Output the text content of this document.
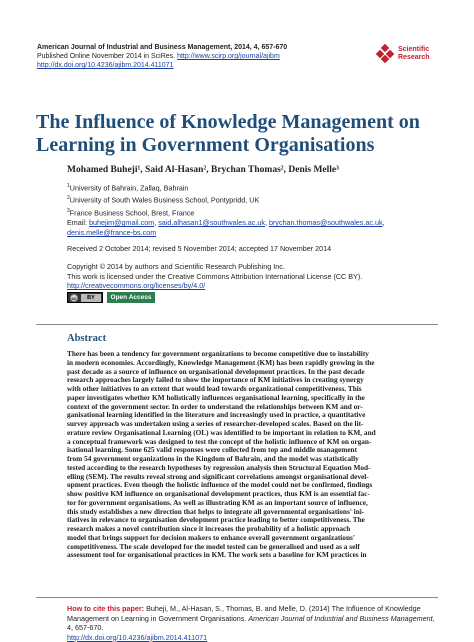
American Journal of Industrial and Business Management, 2014, 4, 657-670
Published Online November 2014 in SciRes. http://www.scirp.org/journal/ajibm
http://dx.doi.org/10.4236/ajibm.2014.411071
Scientific
Research
The Influence of Knowledge Management on Learning in Government Organisations
Mohamed Buheji¹, Said Al-Hasan², Brychan Thomas², Denis Melle³
$^1$University of Bahrain, Zallaq, Bahrain
$^2$University of South Wales Business School, Pontypridd, UK
$^3$France Business School, Brest, France
Email: buhejim@gmail.com, said.alhasan1@southwales.ac.uk, brychan.thomas@southwales.ac.uk,
denis.melle@france-bs.com
Received 2 October 2014; revised 5 November 2014; accepted 17 November 2014
Copyright © 2014 by authors and Scientific Research Publishing Inc.
This work is licensed under the Creative Commons Attribution International License (CC BY).
http://creativecommons.org/licenses/by/4.0/
cc	BY	Open Access
Abstract
There has been a tendency for government organizations to become competitive due to instability
in modern economies. Accordingly, Knowledge Management (KM) has been rapidly growing in the
past decade as a source of influence on organisational development practices. In the past decade
research approaches largely failed to show the importance of KM initiatives in creating synergy
with other initiatives to an extent that would lead towards organizational competitiveness. This
paper investigates whether KM holistically influences organisational learning, specifically in the
context of the government sector. In order to understand the relationships between KM and or-
ganisational learning identified in the literature and increasingly used in practice, a quantitative
survey approach was undertaken using a series of researcher-developed scales. Based on the lit-
erature review Organisational Learning (OL) was identified to be important in relation to KM, and
a conceptual framework was designed to test the concept of the holistic influence of KM on organ-
isational learning. Some 625 valid responses were collected from top and middle management
from 54 government organizations in the Kingdom of Bahrain, and the model was statistically
tested according to the research hypotheses by regression analysis then Structural Equation Mod-
elling (SEM). The results reveal strong and significant correlations amongst organisational devel-
opment practices. Even though the holistic influence of the model could not be confirmed, findings
show positive KM influence on organisational development practices, thus KM is an essential fac-
tor for government organisations. As well as illustrating KM as an important source of influence,
this study establishes a new direction that helps to integrate all governmental organisations' ini-
tiatives in relevance to organisation development practice leading to better competitiveness. The
research makes a novel contribution since it increases the probability of a holistic approach
model that brings support for decision makers to enhance overall government organizations'
competitiveness. The scale developed for the model tested can be generalised and used as a self
assessment tool for organisational practices in KM. The work sets a baseline for KM practices in
How to cite this paper: Buheji, M., Al-Hasan, S., Thomas, B. and Melle, D. (2014) The Influence of Knowledge Management on Learning in Government Organisations. American Journal of Industrial and Business Management, 4, 657-670.
http://dx.doi.org/10.4236/ajibm.2014.411071
